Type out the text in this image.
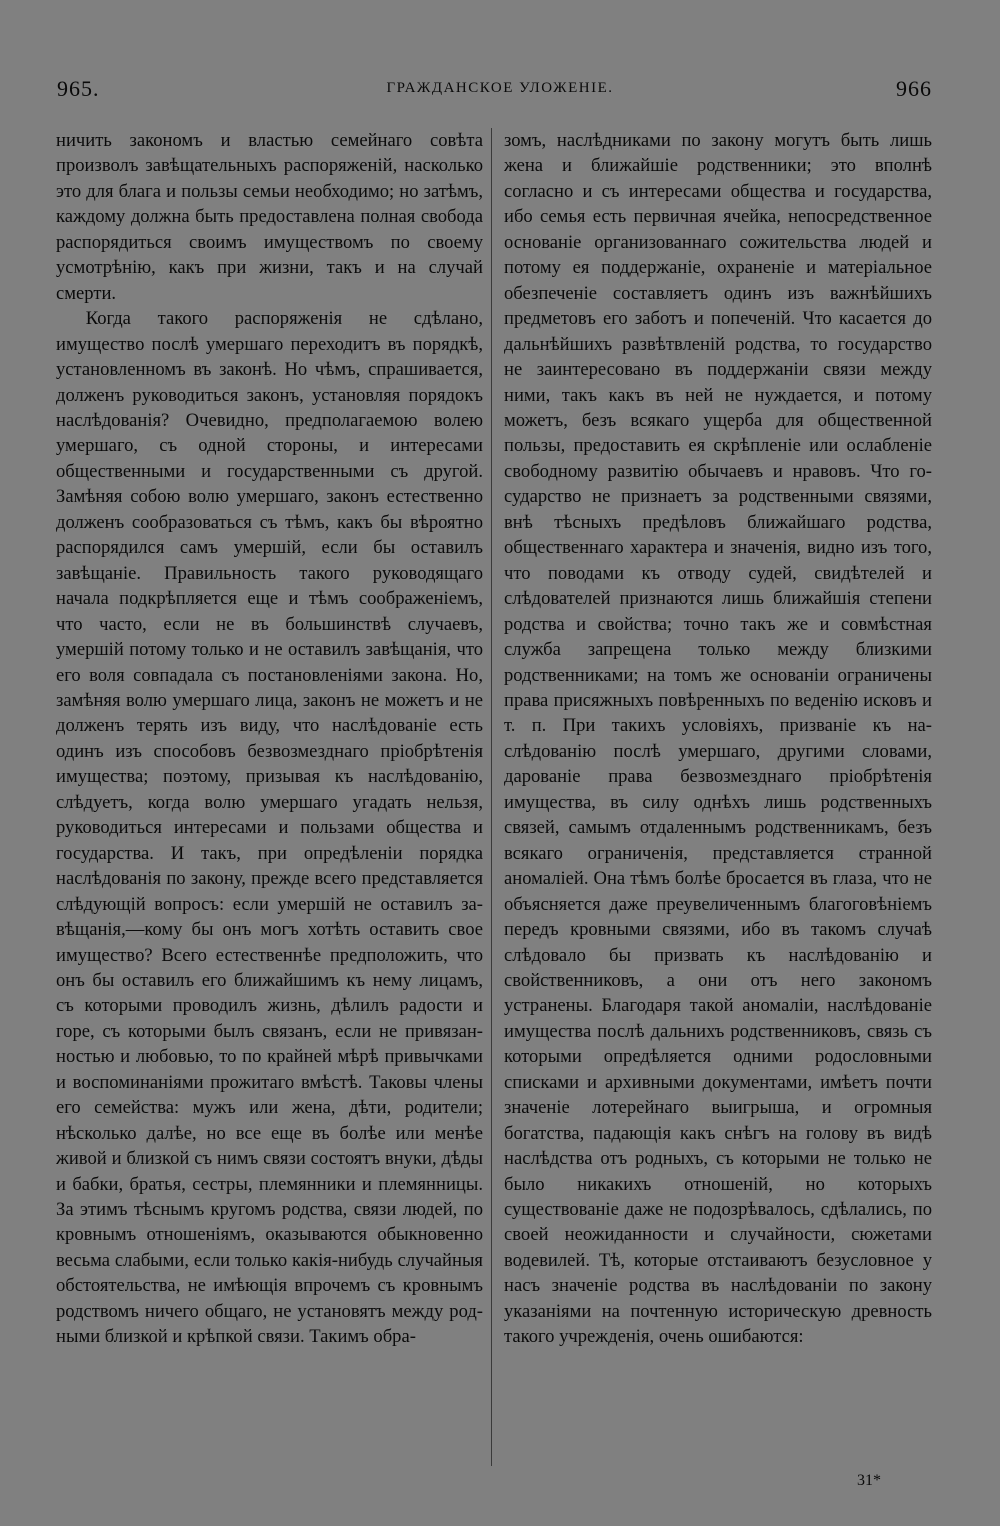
965.	ГРАЖДАНСКОЕ УЛОЖЕНІЕ.	966

ничить закономъ и властью семейнаго совѣта произволъ завѣщательныхъ распоряженій, насколько это для блага и пользы семьи необходимо; но затѣмъ, каждому должна быть предоставлена полная свобода распорядиться своимъ имуществомъ по своему усмотрѣнію, какъ при жизни, такъ и на случай смерти.

Когда такого распоряженія не сдѣлано, имущество послѣ умершаго переходитъ въ порядкѣ, установленномъ въ законѣ. Но чѣмъ, спрашивается, долженъ руководиться законъ, установляя порядокъ наслѣдованія? Очевидно, предполагаемою волею умершаго, съ одной стороны, и интересами общественными и государственными съ другой. Замѣняя собою волю умершаго, законъ естественно долженъ сообразоваться съ тѣмъ, какъ бы вѣроятно распорядился самъ умершій, если бы оставилъ завѣщаніе. Правильность такого руководящаго начала подкрѣпляется еще и тѣмъ соображеніемъ, что часто, если не въ большинствѣ случаевъ, умершій потому только и не оставилъ завѣщанія, что его воля совпадала съ постановленіями закона. Но, замѣняя волю умершаго лица, законъ не можетъ и не долженъ терять изъ виду, что наслѣдованіе есть одинъ изъ способовъ безвозмезднаго пріобрѣтенія имущества; поэтому, призывая къ наслѣдованію, слѣдуетъ, когда волю умершаго угадать нельзя, руководиться интересами и пользами общества и государства. И такъ, при опредѣленіи порядка наслѣдованія по закону, прежде всего представляется слѣдующій вопросъ: если умершій не оставилъ завѣщанія,—кому бы онъ могъ хотѣть оставить свое имущество? Всего естественнѣе предположить, что онъ бы оставилъ его ближайшимъ къ нему лицамъ, съ которыми проводилъ жизнь, дѣлилъ радости и горе, съ которыми былъ связанъ, если не привязанностью и любовью, то по крайней мѣрѣ привычками и воспоминаніями прожитаго вмѣстѣ. Таковы члены его семейства: мужъ или жена, дѣти, родители; нѣсколько далѣе, но все еще въ болѣе или менѣе живой и близкой съ нимъ связи состоятъ внуки, дѣды и бабки, братья, сестры, племянники и племянницы. За этимъ тѣснымъ кругомъ родства, связи людей, по кровнымъ отношеніямъ, оказываются обыкновенно весьма слабыми, если только какія-нибудь случайныя обстоятельства, не имѣющія впрочемъ съ кровнымъ родствомъ ничего общаго, не установятъ между родными близкой и крѣпкой связи. Такимъ обра-

зомъ, наслѣдниками по закону могутъ быть лишь жена и ближайшіе родственники; это вполнѣ согласно и съ интересами общества и государства, ибо семья есть первичная ячейка, непосредственное основаніе организованнаго сожительства людей и потому ея поддержаніе, охраненіе и матеріальное обезпеченіе составляетъ одинъ изъ важнѣйшихъ предметовъ его заботъ и попеченій. Что касается до дальнѣйшихъ развѣтвленій родства, то государство не заинтересовано въ поддержаніи связи между ними, такъ какъ въ ней не нуждается, и потому можетъ, безъ всякаго ущерба для общественной пользы, предоставить ея скрѣпленіе или ослабленіе свободному развитію обычаевъ и нравовъ. Что государство не признаетъ за родственными связями, внѣ тѣсныхъ предѣловъ ближайшаго родства, общественнаго характера и значенія, видно изъ того, что поводами къ отводу судей, свидѣтелей и слѣдователей признаются лишь ближайшія степени родства и свойства; точно такъ же и совмѣстная служба запрещена только между близкими родственниками; на томъ же основаніи ограничены права присяжныхъ повѣренныхъ по веденію исковъ и т. п. При такихъ условіяхъ, призваніе къ наслѣдованію послѣ умершаго, другими словами, дарованіе права безвозмезднаго пріобрѣтенія имущества, въ силу однѣхъ лишь родственныхъ связей, самымъ отдаленнымъ родственникамъ, безъ всякаго ограниченія, представляется странной аномаліей. Она тѣмъ болѣе бросается въ глаза, что не объясняется даже преувеличеннымъ благоговѣніемъ передъ кровными связями, ибо въ такомъ случаѣ слѣдовало бы призвать къ наслѣдованію и свойственниковъ, а они отъ него закономъ устранены. Благодаря такой аномаліи, наслѣдованіе имущества послѣ дальнихъ родственниковъ, связь съ которыми опредѣляется одними родословными списками и архивными документами, имѣетъ почти значеніе лотерейнаго выигрыша, и огромныя богатства, падающія какъ снѣгъ на голову въ видѣ наслѣдства отъ родныхъ, съ которыми не только не было никакихъ отношеній, но которыхъ существованіе даже не подозрѣвалось, сдѣлались, по своей неожиданности и случайности, сюжетами водевилей. Тѣ, которые отстаиваютъ безусловное у насъ значеніе родства въ наслѣдованіи по закону указаніями на почтенную историческую древность такого учрежденія, очень ошибаются:

31*
